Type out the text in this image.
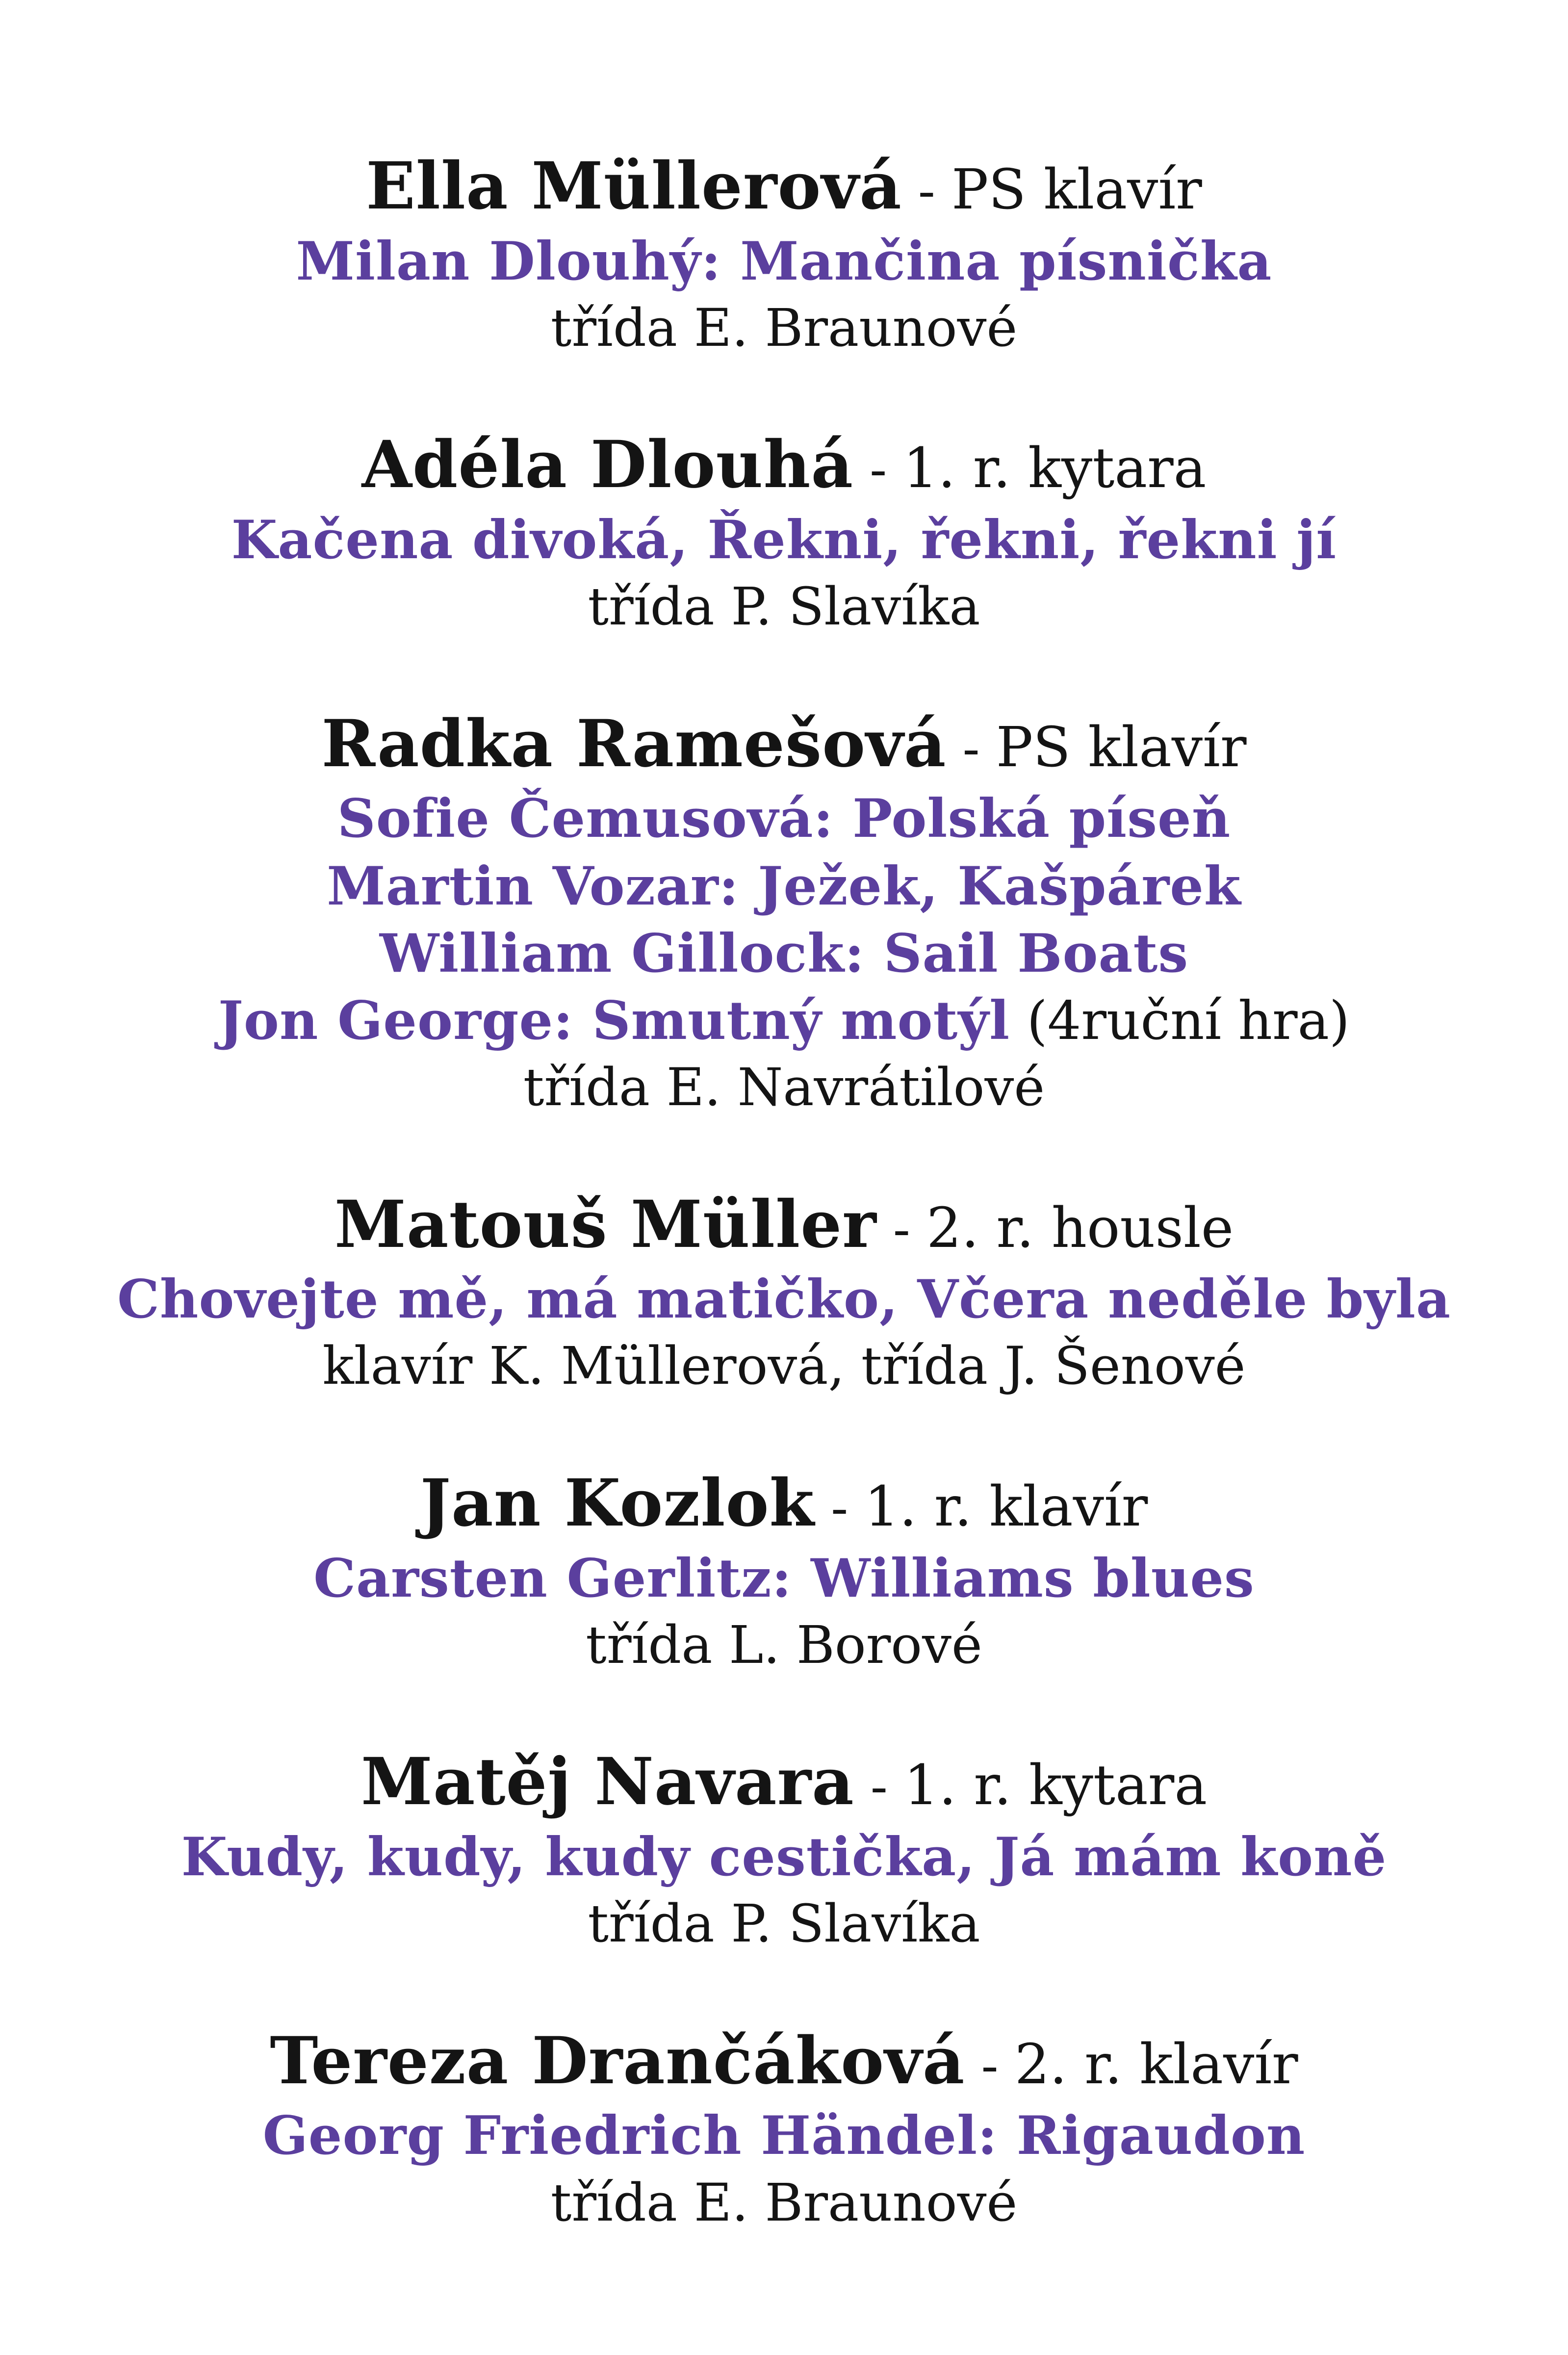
Ella Müllerová - PS klavír
Milan Dlouhý: Mančina písnička
třída E. Braunové
Adéla Dlouhá - 1. r. kytara
Kačena divoká, Řekni, řekni, řekni jí
třída P. Slavíka
Radka Ramešová - PS klavír
Sofie Čemusová: Polská píseň
Martin Vozar: Ježek, Kašpárek
William Gillock: Sail Boats
Jon George: Smutný motýl (4ruční hra)
třída E. Navrátilové
Matouš Müller - 2. r. housle
Chovejte mě, má matičko, Včera neděle byla
klavír K. Müllerová, třída J. Šenové
Jan Kozlok - 1. r. klavír
Carsten Gerlitz: Williams blues
třída L. Borové
Matěj Navara - 1. r. kytara
Kudy, kudy, kudy cestička, Já mám koně
třída P. Slavíka
Tereza Drančáková - 2. r. klavír
Georg Friedrich Händel: Rigaudon
třída E. Braunové
